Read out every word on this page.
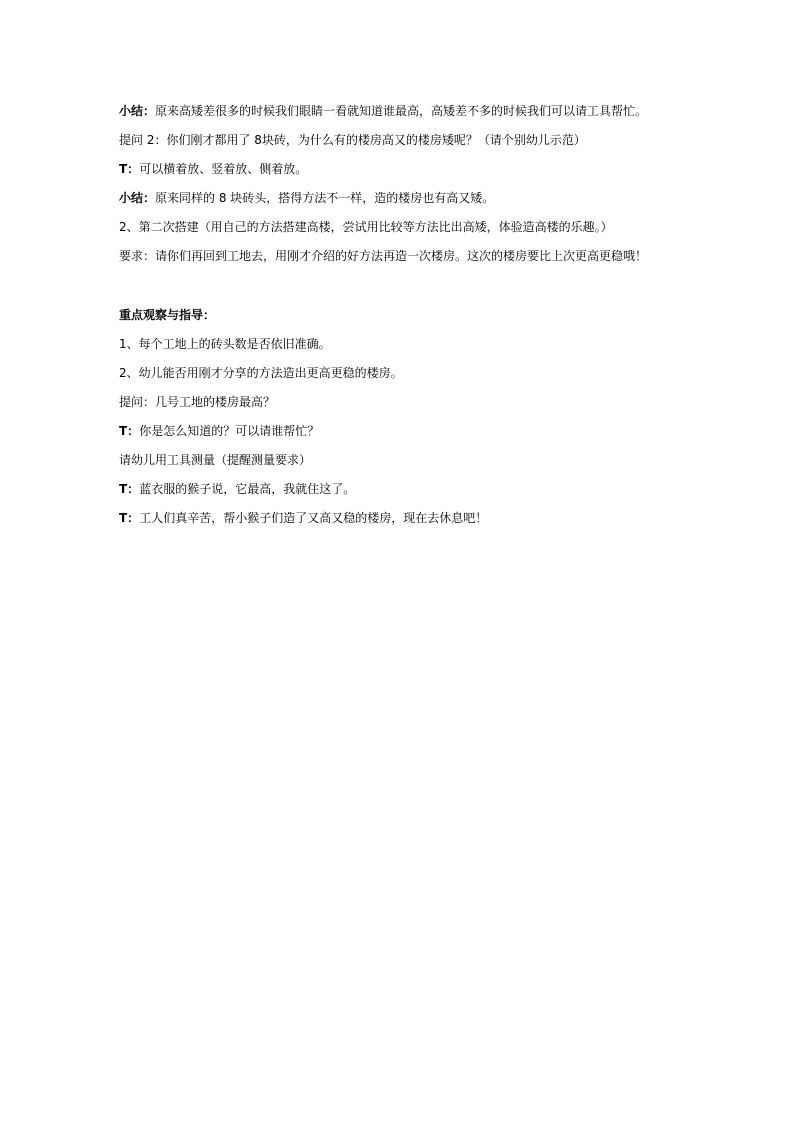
小结：原来高矮差很多的时候我们眼睛一看就知道谁最高，高矮差不多的时候我们可以请工具帮忙。
提问 2：你们刚才都用了 8块砖，为什么有的楼房高又的楼房矮呢？（请个别幼儿示范）
T：可以横着放、竖着放、侧着放。
小结：原来同样的 8 块砖头，搭得方法不一样，造的楼房也有高又矮。
2、第二次搭建（用自己的方法搭建高楼，尝试用比较等方法比出高矮，体验造高楼的乐趣。）
要求：请你们再回到工地去，用刚才介绍的好方法再造一次楼房。这次的楼房要比上次更高更稳哦！
重点观察与指导：
1、每个工地上的砖头数是否依旧准确。
2、幼儿能否用刚才分享的方法造出更高更稳的楼房。
提问：几号工地的楼房最高？
T：你是怎么知道的？可以请谁帮忙？
请幼儿用工具测量（提醒测量要求）
T：蓝衣服的猴子说，它最高，我就住这了。
T：工人们真辛苦，帮小猴子们造了又高又稳的楼房，现在去休息吧！
